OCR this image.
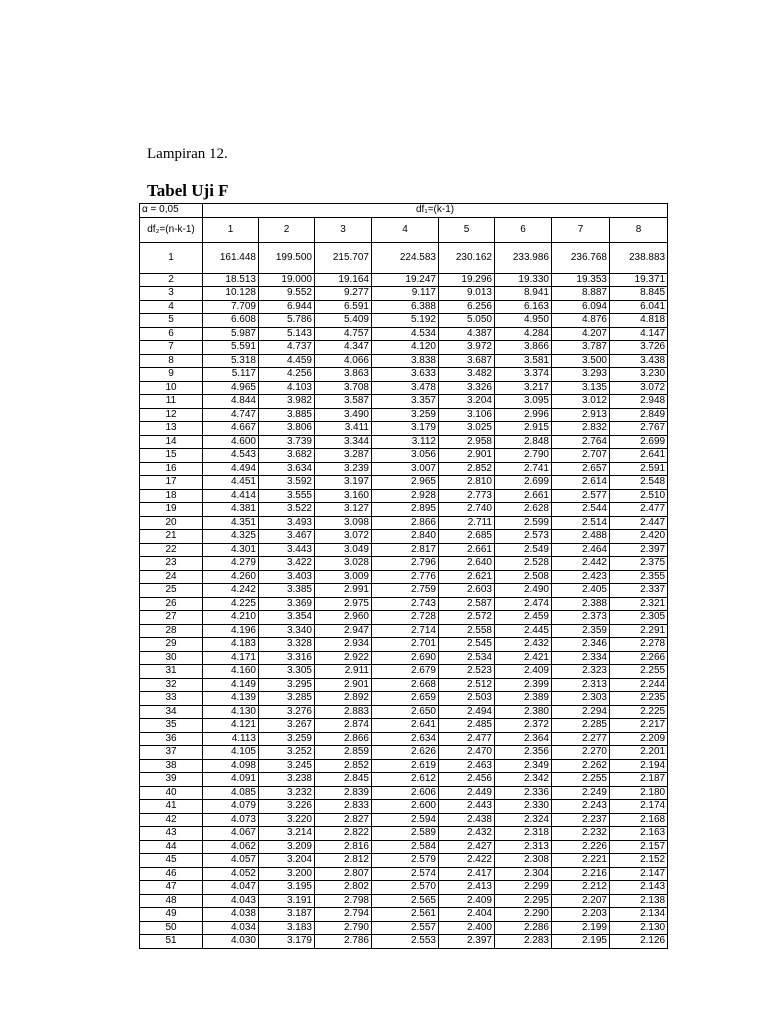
Lampiran 12.
Tabel Uji F
α = 0,05	df₁=(k-1)							
df₂=(n-k-1)	1	2	3	4	5	6	7	8
1	161.448	199.500	215.707	224.583	230.162	233.986	236.768	238.883
2	18.513	19.000	19.164	19.247	19.296	19.330	19.353	19.371
3	10.128	9.552	9.277	9.117	9.013	8.941	8.887	8.845
4	7.709	6.944	6.591	6.388	6.256	6.163	6.094	6.041
5	6.608	5.786	5.409	5.192	5.050	4.950	4.876	4.818
6	5.987	5.143	4.757	4.534	4.387	4.284	4.207	4.147
7	5.591	4.737	4.347	4.120	3.972	3.866	3.787	3.726
8	5.318	4.459	4.066	3.838	3.687	3.581	3.500	3.438
9	5.117	4.256	3.863	3.633	3.482	3.374	3.293	3.230
10	4.965	4.103	3.708	3.478	3.326	3.217	3.135	3.072
11	4.844	3.982	3.587	3.357	3.204	3.095	3.012	2.948
12	4.747	3.885	3.490	3.259	3.106	2.996	2.913	2.849
13	4.667	3.806	3.411	3.179	3.025	2.915	2.832	2.767
14	4.600	3.739	3.344	3.112	2.958	2.848	2.764	2.699
15	4.543	3.682	3.287	3.056	2.901	2.790	2.707	2.641
16	4.494	3.634	3.239	3.007	2.852	2.741	2.657	2.591
17	4.451	3.592	3.197	2.965	2.810	2.699	2.614	2.548
18	4.414	3.555	3.160	2.928	2.773	2.661	2.577	2.510
19	4.381	3.522	3.127	2.895	2.740	2.628	2.544	2.477
20	4.351	3.493	3.098	2.866	2.711	2.599	2.514	2.447
21	4.325	3.467	3.072	2.840	2.685	2.573	2.488	2.420
22	4.301	3.443	3.049	2.817	2.661	2.549	2.464	2.397
23	4.279	3.422	3.028	2.796	2.640	2.528	2.442	2.375
24	4.260	3.403	3.009	2.776	2.621	2.508	2.423	2.355
25	4.242	3.385	2.991	2.759	2.603	2.490	2.405	2.337
26	4.225	3.369	2.975	2.743	2.587	2.474	2.388	2.321
27	4.210	3.354	2.960	2.728	2.572	2.459	2.373	2.305
28	4.196	3.340	2.947	2.714	2.558	2.445	2.359	2.291
29	4.183	3.328	2.934	2.701	2.545	2.432	2.346	2.278
30	4.171	3.316	2.922	2.690	2.534	2.421	2.334	2.266
31	4.160	3.305	2.911	2.679	2.523	2.409	2.323	2.255
32	4.149	3.295	2.901	2.668	2.512	2.399	2.313	2.244
33	4.139	3.285	2.892	2.659	2.503	2.389	2.303	2.235
34	4.130	3.276	2.883	2.650	2.494	2.380	2.294	2.225
35	4.121	3.267	2.874	2.641	2.485	2.372	2.285	2.217
36	4.113	3.259	2.866	2.634	2.477	2.364	2.277	2.209
37	4.105	3.252	2.859	2.626	2.470	2.356	2.270	2.201
38	4.098	3.245	2.852	2.619	2.463	2.349	2.262	2.194
39	4.091	3.238	2.845	2.612	2.456	2.342	2.255	2.187
40	4.085	3.232	2.839	2.606	2.449	2.336	2.249	2.180
41	4.079	3.226	2.833	2.600	2.443	2.330	2.243	2.174
42	4.073	3.220	2.827	2.594	2.438	2.324	2.237	2.168
43	4.067	3.214	2.822	2.589	2.432	2.318	2.232	2.163
44	4.062	3.209	2.816	2.584	2.427	2.313	2.226	2.157
45	4.057	3.204	2.812	2.579	2.422	2.308	2.221	2.152
46	4.052	3.200	2.807	2.574	2.417	2.304	2.216	2.147
47	4.047	3.195	2.802	2.570	2.413	2.299	2.212	2.143
48	4.043	3.191	2.798	2.565	2.409	2.295	2.207	2.138
49	4.038	3.187	2.794	2.561	2.404	2.290	2.203	2.134
50	4.034	3.183	2.790	2.557	2.400	2.286	2.199	2.130
51	4.030	3.179	2.786	2.553	2.397	2.283	2.195	2.126
